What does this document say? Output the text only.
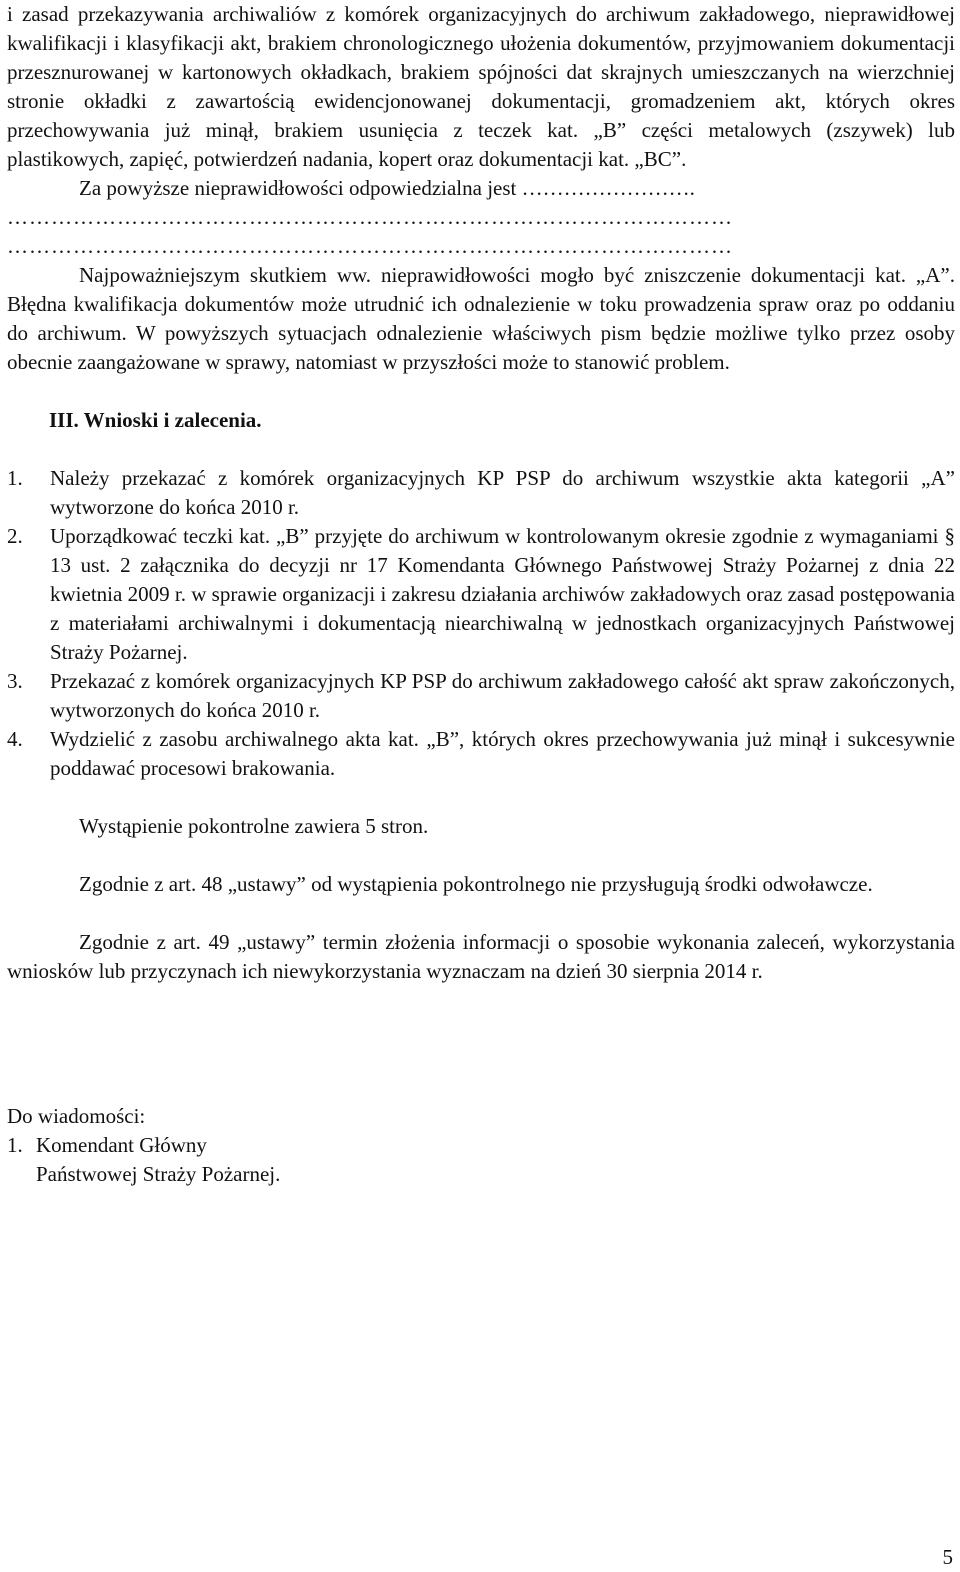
i zasad przekazywania archiwaliów z komórek organizacyjnych do archiwum zakładowego, nieprawidłowej kwalifikacji i klasyfikacji akt, brakiem chronologicznego ułożenia dokumentów, przyjmowaniem dokumentacji przesznurowanej w kartonowych okładkach, brakiem spójności dat skrajnych umieszczanych na wierzchniej stronie okładki z zawartością ewidencjonowanej dokumentacji, gromadzeniem akt, których okres przechowywania już minął, brakiem usunięcia z teczek kat. „B” części metalowych (zszywek) lub plastikowych, zapięć, potwierdzeń nadania, kopert oraz dokumentacji kat. „BC”.

Za powyższe nieprawidłowości odpowiedzialna jest …………………….

………………………………………………………………………………………
………………………………………………………………………………………

Najpoważniejszym skutkiem ww. nieprawidłowości mogło być zniszczenie dokumentacji kat. „A”. Błędna kwalifikacja dokumentów może utrudnić ich odnalezienie w toku prowadzenia spraw oraz po oddaniu do archiwum. W powyższych sytuacjach odnalezienie właściwych pism będzie możliwe tylko przez osoby obecnie zaangażowane w sprawy, natomiast w przyszłości może to stanowić problem.

III. Wnioski i zalecenia.

1. Należy przekazać z komórek organizacyjnych KP PSP do archiwum wszystkie akta kategorii „A” wytworzone do końca 2010 r.
2. Uporządkować teczki kat. „B” przyjęte do archiwum w kontrolowanym okresie zgodnie z wymaganiami § 13 ust. 2 załącznika do decyzji nr 17 Komendanta Głównego Państwowej Straży Pożarnej z dnia 22 kwietnia 2009 r. w sprawie organizacji i zakresu działania archiwów zakładowych oraz zasad postępowania z materiałami archiwalnymi i dokumentacją niearchiwalną w jednostkach organizacyjnych Państwowej Straży Pożarnej.
3. Przekazać z komórek organizacyjnych KP PSP do archiwum zakładowego całość akt spraw zakończonych, wytworzonych do końca 2010 r.
4. Wydzielić z zasobu archiwalnego akta kat. „B”, których okres przechowywania już minął i sukcesywnie poddawać procesowi brakowania.

Wystąpienie pokontrolne zawiera 5 stron.

Zgodnie z art. 48 „ustawy” od wystąpienia pokontrolnego nie przysługują środki odwoławcze.

Zgodnie z art. 49 „ustawy” termin złożenia informacji o sposobie wykonania zaleceń, wykorzystania wniosków lub przyczynach ich niewykorzystania wyznaczam na dzień 30 sierpnia 2014 r.

Do wiadomości:
1. Komendant Główny
Państwowej Straży Pożarnej.
5
